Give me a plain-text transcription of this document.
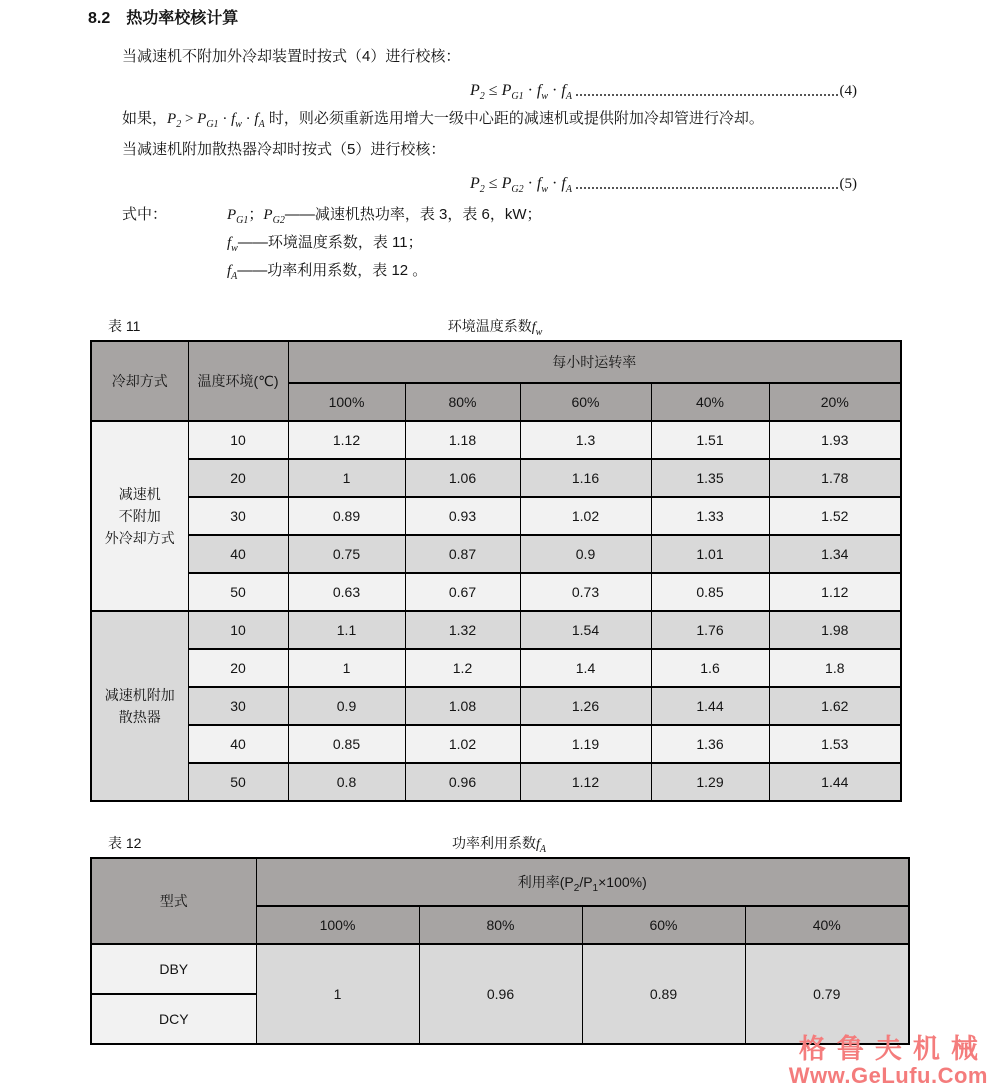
8.2 热功率校核计算
当减速机不附加外冷却装置时按式（4）进行校核：
$P_2 \le P_{G1} \cdot f_w \cdot f_A$	(4)
如果，$P_2 > P_{G1} \cdot f_w \cdot f_A$ 时，则必须重新选用增大一级中心距的减速机或提供附加冷却管进行冷却。
当减速机附加散热器冷却时按式（5）进行校核：
$P_2 \le P_{G2} \cdot f_w \cdot f_A$	(5)
式中：	$P_{G1}$；$P_{G2}——$减速机热功率，表 3，表 6，kW；
$f_w——$环境温度系数，表 11；
$f_A——$功率利用系数，表 12 。
表 11	环境温度系数$f_w$
冷却方式	温度环境(℃)	每小时运转率				
		100%	80%	60%	40%	20%
减速机
不附加
外冷却方式	10	1.12	1.18	1.3	1.51	1.93
	20	1	1.06	1.16	1.35	1.78
	30	0.89	0.93	1.02	1.33	1.52
	40	0.75	0.87	0.9	1.01	1.34
	50	0.63	0.67	0.73	0.85	1.12
减速机附加
散热器	10	1.1	1.32	1.54	1.76	1.98
	20	1	1.2	1.4	1.6	1.8
	30	0.9	1.08	1.26	1.44	1.62
	40	0.85	1.02	1.19	1.36	1.53
	50	0.8	0.96	1.12	1.29	1.44
表 12	功率利用系数$f_A$
型式	利用率$(P_2/P_1\times 100\%)$			
	100%	80%	60%	40%
DBY	1	0.96	0.89	0.79
DCY				
格鲁夫机械
Www.GeLufu.Com
